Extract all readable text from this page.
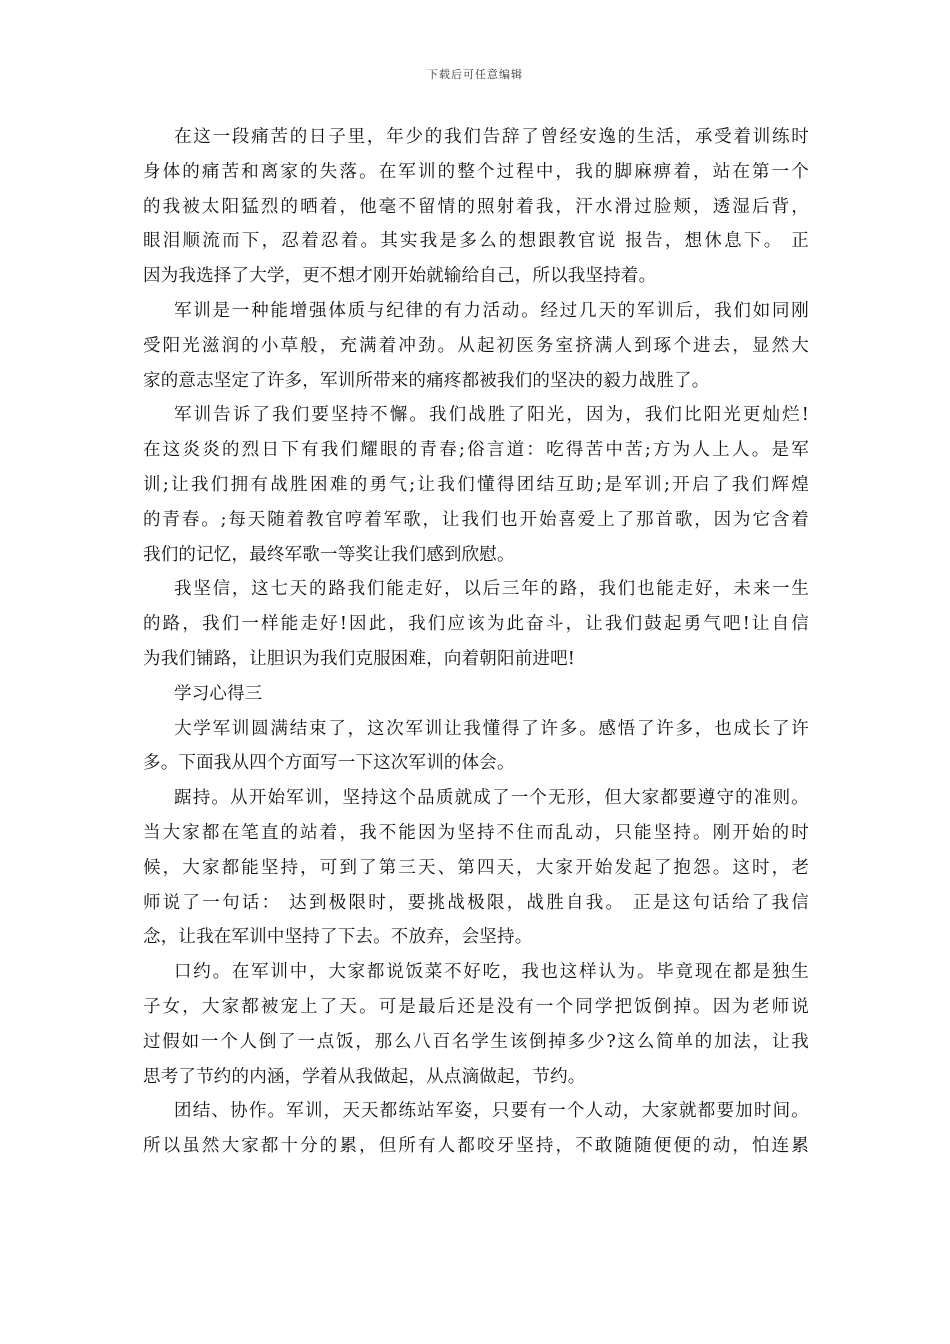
下载后可任意编辑
在这一段痛苦的日子里，年少的我们告辞了曾经安逸的生活，承受着训练时
身体的痛苦和离家的失落。在军训的整个过程中，我的脚麻痹着，站在第一个
的我被太阳猛烈的晒着，他毫不留情的照射着我，汗水滑过脸颊，透湿后背，
眼泪顺流而下，忍着忍着。其实我是多么的想跟教官说 报告，想休息下。 正
因为我选择了大学，更不想才刚开始就输给自己，所以我坚持着。
军训是一种能增强体质与纪律的有力活动。经过几天的军训后，我们如同刚
受阳光滋润的小草般，充满着冲劲。从起初医务室挤满人到琢个进去，显然大
家的意志坚定了许多，军训所带来的痛疼都被我们的坚决的毅力战胜了。
军训告诉了我们要坚持不懈。我们战胜了阳光，因为，我们比阳光更灿烂!
在这炎炎的烈日下有我们耀眼的青春;俗言道：吃得苦中苦;方为人上人。是军
训;让我们拥有战胜困难的勇气;让我们懂得团结互助;是军训;开启了我们辉煌
的青春。;每天随着教官哼着军歌，让我们也开始喜爱上了那首歌，因为它含着
我们的记忆，最终军歌一等奖让我们感到欣慰。
我坚信，这七天的路我们能走好，以后三年的路，我们也能走好，未来一生
的路，我们一样能走好!因此，我们应该为此奋斗，让我们鼓起勇气吧!让自信
为我们铺路，让胆识为我们克服困难，向着朝阳前进吧!
学习心得三
大学军训圆满结束了，这次军训让我懂得了许多。感悟了许多，也成长了许
多。下面我从四个方面写一下这次军训的体会。
踞持。从开始军训，坚持这个品质就成了一个无形，但大家都要遵守的准则。
当大家都在笔直的站着，我不能因为坚持不住而乱动，只能坚持。刚开始的时
候，大家都能坚持，可到了第三天、第四天，大家开始发起了抱怨。这时，老
师说了一句话： 达到极限时，要挑战极限，战胜自我。 正是这句话给了我信
念，让我在军训中坚持了下去。不放弃，会坚持。
口约。在军训中，大家都说饭菜不好吃，我也这样认为。毕竟现在都是独生
子女，大家都被宠上了天。可是最后还是没有一个同学把饭倒掉。因为老师说
过假如一个人倒了一点饭，那么八百名学生该倒掉多少?这么简单的加法，让我
思考了节约的内涵，学着从我做起，从点滴做起，节约。
团结、协作。军训，天天都练站军姿，只要有一个人动，大家就都要加时间。
所以虽然大家都十分的累，但所有人都咬牙坚持，不敢随随便便的动，怕连累
